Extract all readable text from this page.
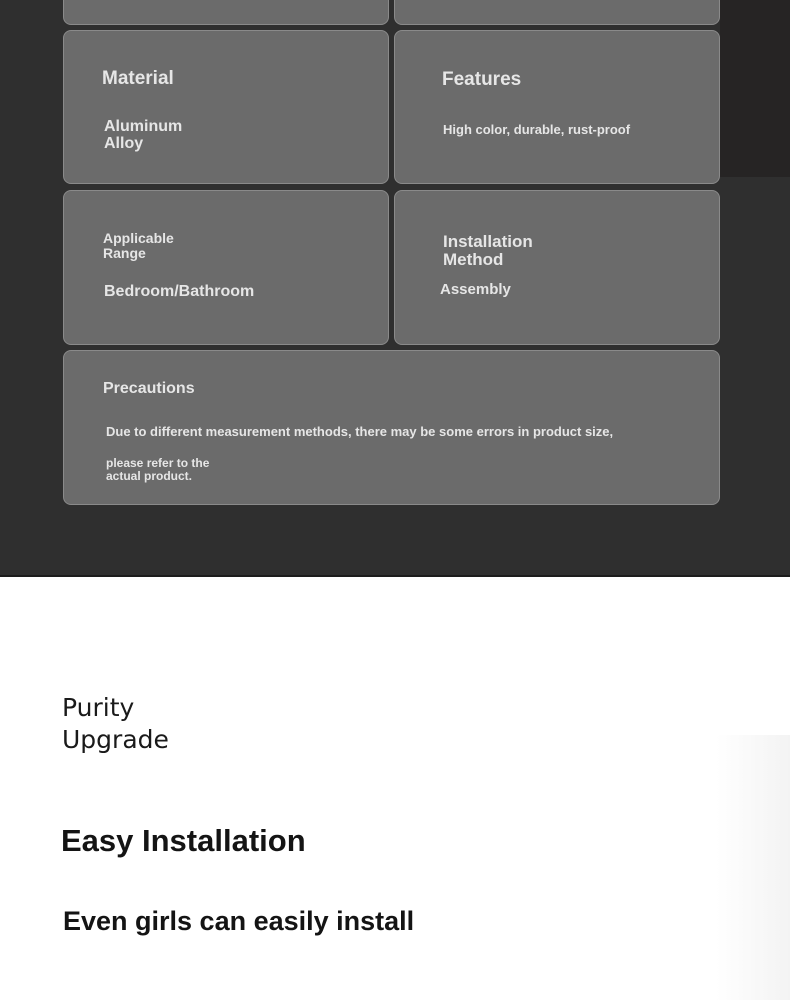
Material
Aluminum
Alloy
Features
High color, durable, rust-proof
Applicable
Range
Bedroom/Bathroom
Installation
Method
Assembly
Precautions
Due to different measurement methods, there may be some errors in product size,
please refer to the
actual product.
Purity
Upgrade
Easy Installation
Even girls can easily install
